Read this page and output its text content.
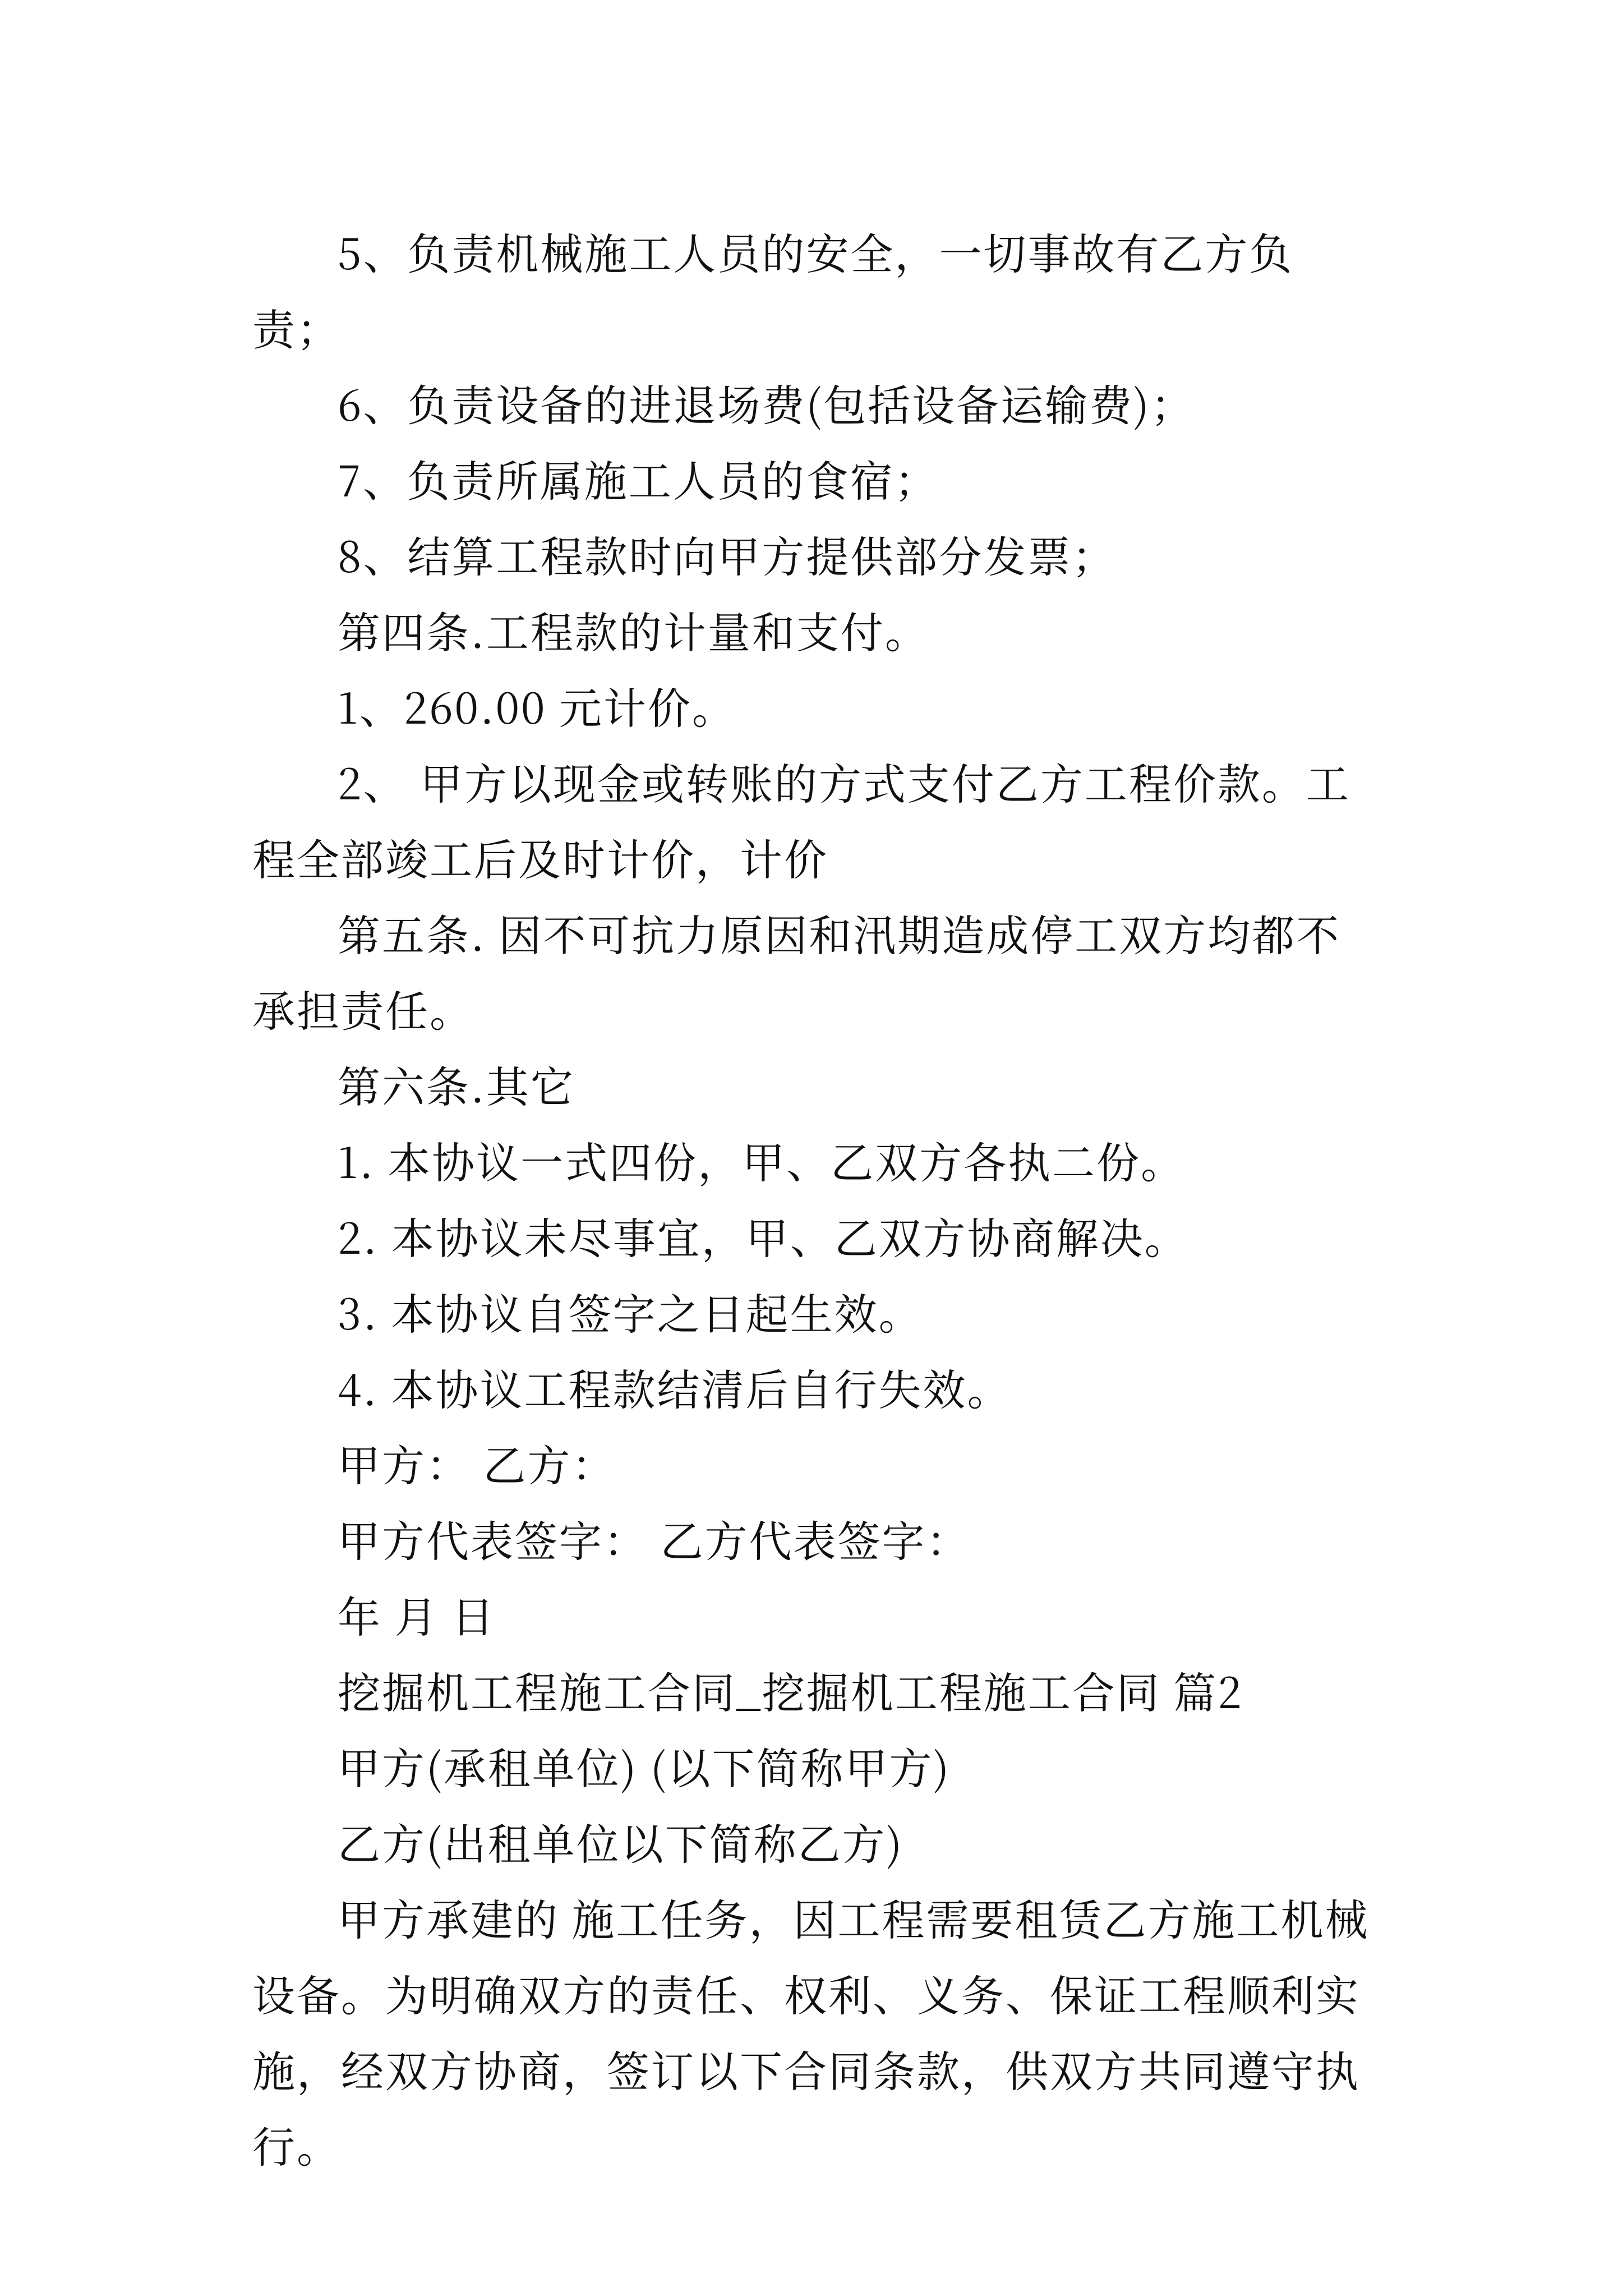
5、负责机械施工人员的安全，一切事故有乙方负责；

6、负责设备的进退场费(包括设备运输费)；

7、负责所属施工人员的食宿；

8、结算工程款时向甲方提供部分发票；

第四条.工程款的计量和支付。

1、260.00 元计价。

2、 甲方以现金或转账的方式支付乙方工程价款。工程全部竣工后及时计价，计价

第五条. 因不可抗力原因和汛期造成停工双方均都不承担责任。

第六条.其它

1. 本协议一式四份，甲、乙双方各执二份。

2. 本协议未尽事宜，甲、乙双方协商解决。

3. 本协议自签字之日起生效。

4. 本协议工程款结清后自行失效。

甲方： 乙方：

甲方代表签字： 乙方代表签字：

年 月 日

挖掘机工程施工合同_挖掘机工程施工合同 篇2

甲方(承租单位) (以下简称甲方)

乙方(出租单位以下简称乙方)

甲方承建的 施工任务，因工程需要租赁乙方施工机械设备。为明确双方的责任、权利、义务、保证工程顺利实施，经双方协商，签订以下合同条款，供双方共同遵守执行。
